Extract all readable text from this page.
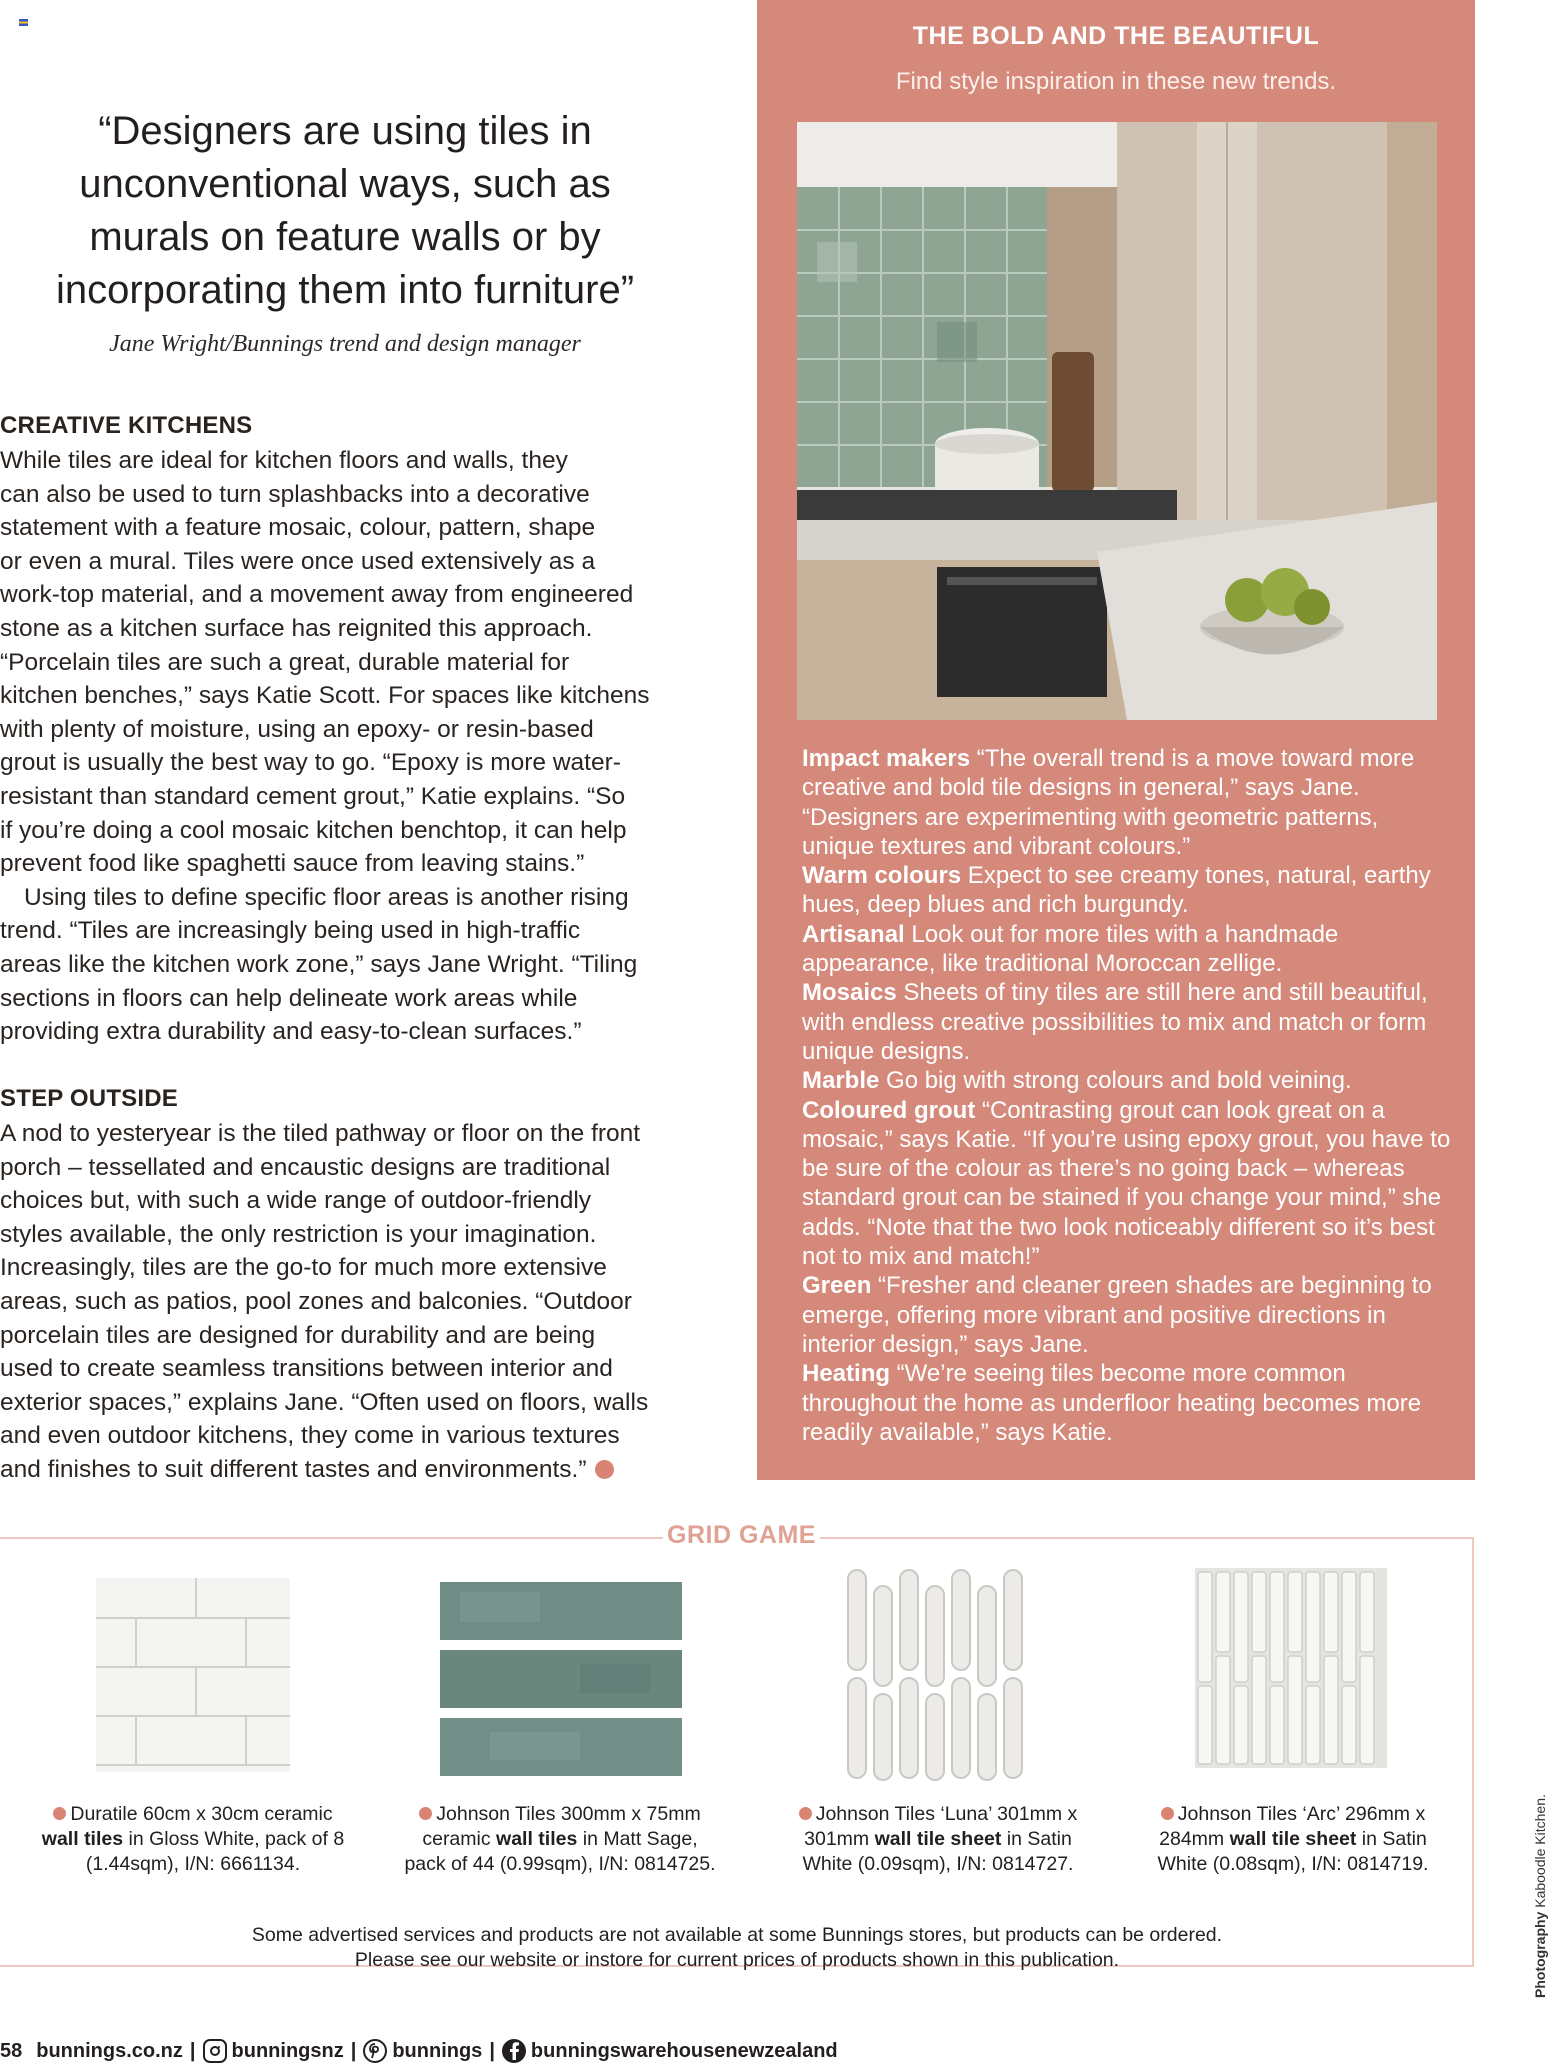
“Designers are using tiles in
unconventional ways, such as
murals on feature walls or by
incorporating them into furniture”

Jane Wright/Bunnings trend and design manager
CREATIVE KITCHENS

While tiles are ideal for kitchen floors and walls, they
can also be used to turn splashbacks into a decorative
statement with a feature mosaic, colour, pattern, shape
or even a mural. Tiles were once used extensively as a
work-top material, and a movement away from engineered
stone as a kitchen surface has reignited this approach.
“Porcelain tiles are such a great, durable material for
kitchen benches,” says Katie Scott. For spaces like kitchens
with plenty of moisture, using an epoxy- or resin-based
grout is usually the best way to go. “Epoxy is more water-
resistant than standard cement grout,” Katie explains. “So
if you’re doing a cool mosaic kitchen benchtop, it can help
prevent food like spaghetti sauce from leaving stains.”

Using tiles to define specific floor areas is another rising
trend. “Tiles are increasingly being used in high-traffic
areas like the kitchen work zone,” says Jane Wright. “Tiling
sections in floors can help delineate work areas while
providing extra durability and easy-to-clean surfaces.”

STEP OUTSIDE

A nod to yesteryear is the tiled pathway or floor on the front
porch – tessellated and encaustic designs are traditional
choices but, with such a wide range of outdoor-friendly
styles available, the only restriction is your imagination.
Increasingly, tiles are the go-to for much more extensive
areas, such as patios, pool zones and balconies. “Outdoor
porcelain tiles are designed for durability and are being
used to create seamless transitions between interior and
exterior spaces,” explains Jane. “Often used on floors, walls
and even outdoor kitchens, they come in various textures
and finishes to suit different tastes and environments.”

THE BOLD AND THE BEAUTIFUL
Find style inspiration in these new trends.

Impact makers “The overall trend is a move toward more creative and bold tile designs in general,” says Jane. “Designers are experimenting with geometric patterns, unique textures and vibrant colours.”

Warm colours Expect to see creamy tones, natural, earthy hues, deep blues and rich burgundy.

Artisanal Look out for more tiles with a handmade appearance, like traditional Moroccan zellige.

Mosaics Sheets of tiny tiles are still here and still beautiful, with endless creative possibilities to mix and match or form unique designs.

Marble Go big with strong colours and bold veining.

Coloured grout “Contrasting grout can look great on a mosaic,” says Katie. “If you’re using epoxy grout, you have to be sure of the colour as there’s no going back – whereas standard grout can be stained if you change your mind,” she adds. “Note that the two look noticeably different so it’s best not to mix and match!”

Green “Fresher and cleaner green shades are beginning to emerge, offering more vibrant and positive directions in interior design,” says Jane.

Heating “We’re seeing tiles become more common throughout the home as underfloor heating becomes more readily available,” says Katie.

GRID GAME
Duratile 60cm x 30cm ceramic wall tiles in Gloss White, pack of 8 (1.44sqm), I/N: 6661134.
Johnson Tiles 300mm x 75mm ceramic wall tiles in Matt Sage, pack of 44 (0.99sqm), I/N: 0814725.
Johnson Tiles ‘Luna’ 301mm x 301mm wall tile sheet in Satin White (0.09sqm), I/N: 0814727.
Johnson Tiles ‘Arc’ 296mm x 284mm wall tile sheet in Satin White (0.08sqm), I/N: 0814719.
Some advertised services and products are not available at some Bunnings stores, but products can be ordered.
Please see our website or instore for current prices of products shown in this publication.	Photography Kaboodle Kitchen.
58 bunnings.co.nz | bunningsnz | bunnings | bunningswarehousenewzealand
